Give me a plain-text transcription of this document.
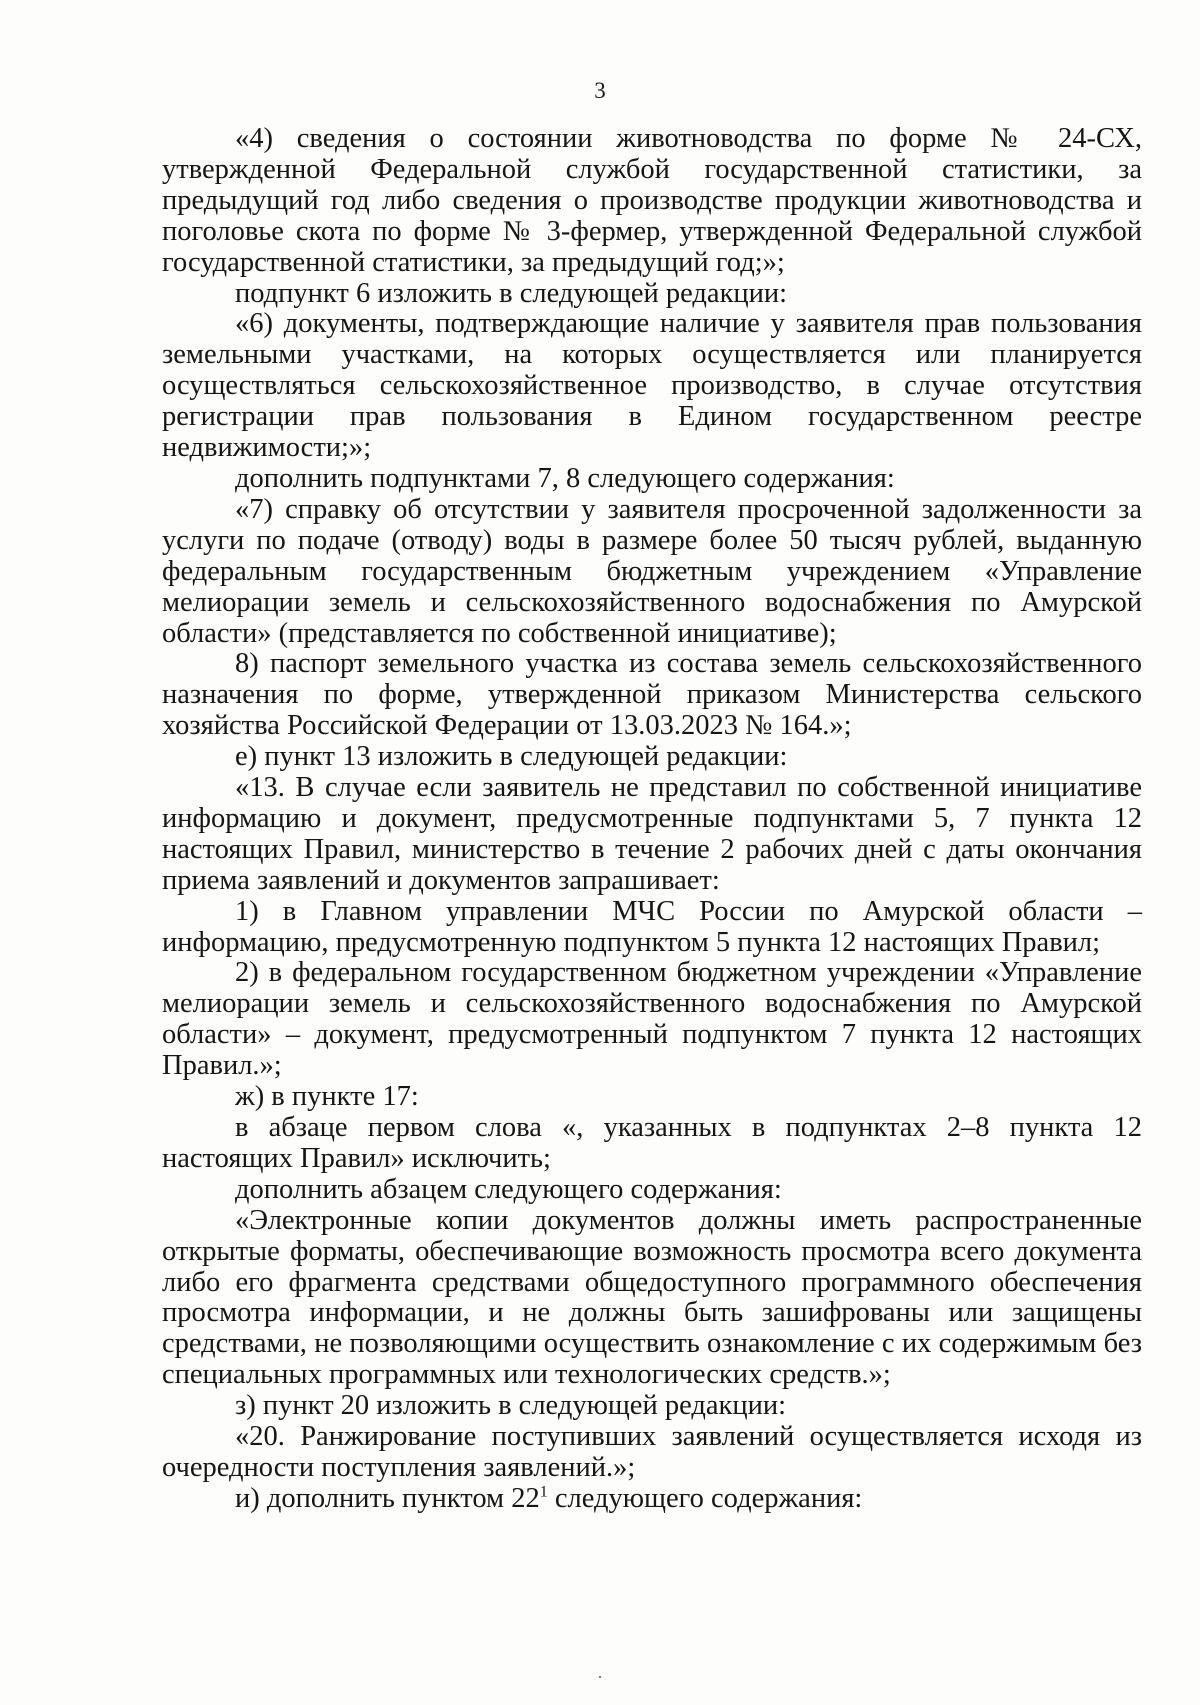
3

«4) сведения о состоянии животноводства по форме № 24-СХ, утвержденной Федеральной службой государственной статистики, за предыдущий год либо сведения о производстве продукции животноводства и поголовье скота по форме № 3-фермер, утвержденной Федеральной службой государственной статистики, за предыдущий год;»;

подпункт 6 изложить в следующей редакции:

«6) документы, подтверждающие наличие у заявителя прав пользования земельными участками, на которых осуществляется или планируется осуществляться сельскохозяйственное производство, в случае отсутствия регистрации прав пользования в Едином государственном реестре недвижимости;»;

дополнить подпунктами 7, 8 следующего содержания:

«7) справку об отсутствии у заявителя просроченной задолженности за услуги по подаче (отводу) воды в размере более 50 тысяч рублей, выданную федеральным государственным бюджетным учреждением «Управление мелиорации земель и сельскохозяйственного водоснабжения по Амурской области» (представляется по собственной инициативе);

8) паспорт земельного участка из состава земель сельскохозяйственного назначения по форме, утвержденной приказом Министерства сельского хозяйства Российской Федерации от 13.03.2023 № 164.»;

е) пункт 13 изложить в следующей редакции:

«13. В случае если заявитель не представил по собственной инициативе информацию и документ, предусмотренные подпунктами 5, 7 пункта 12 настоящих Правил, министерство в течение 2 рабочих дней с даты окончания приема заявлений и документов запрашивает:

1) в Главном управлении МЧС России по Амурской области – информацию, предусмотренную подпунктом 5 пункта 12 настоящих Правил;

2) в федеральном государственном бюджетном учреждении «Управление мелиорации земель и сельскохозяйственного водоснабжения по Амурской области» – документ, предусмотренный подпунктом 7 пункта 12 настоящих Правил.»;

ж) в пункте 17:

в абзаце первом слова «, указанных в подпунктах 2–8 пункта 12 настоящих Правил» исключить;

дополнить абзацем следующего содержания:

«Электронные копии документов должны иметь распространенные открытые форматы, обеспечивающие возможность просмотра всего документа либо его фрагмента средствами общедоступного программного обеспечения просмотра информации, и не должны быть зашифрованы или защищены средствами, не позволяющими осуществить ознакомление с их содержимым без специальных программных или технологических средств.»;

з) пункт 20 изложить в следующей редакции:

«20. Ранжирование поступивших заявлений осуществляется исходя из очередности поступления заявлений.»;

и) дополнить пунктом $22^1$ следующего содержания:
